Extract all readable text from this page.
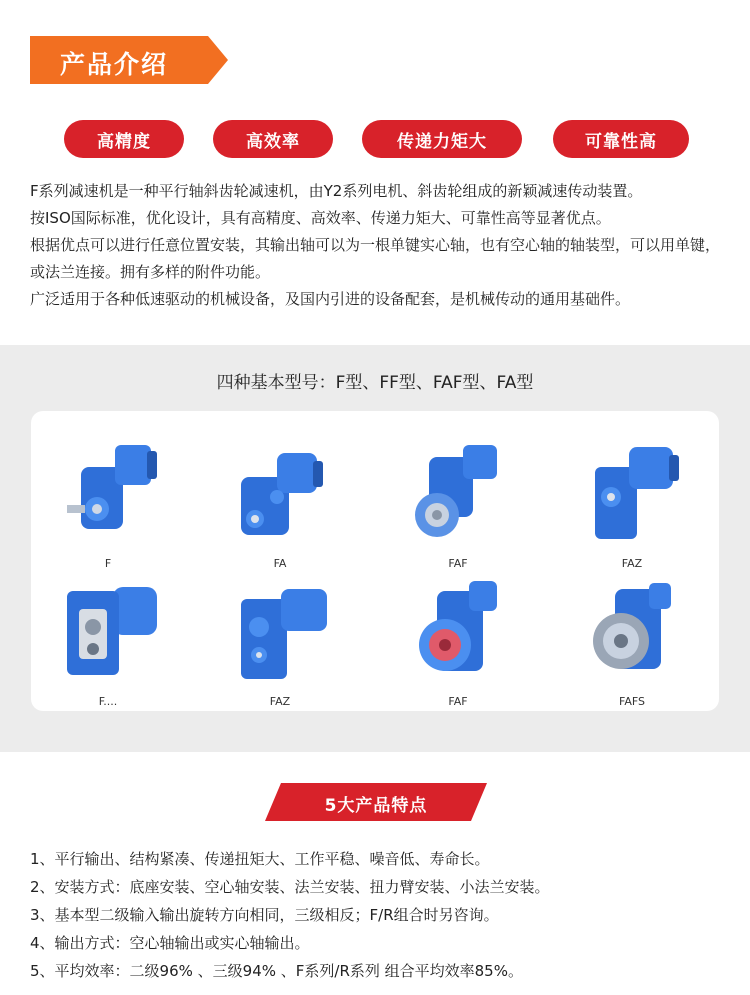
产品介绍
高精度	高效率	传递力矩大	可靠性高

F系列减速机是一种平行轴斜齿轮减速机，由Y2系列电机、斜齿轮组成的新颖减速传动装置。

按ISO国际标准，优化设计，具有高精度、高效率、传递力矩大、可靠性高等显著优点。

根据优点可以进行任意位置安装，其输出轴可以为一根单键实心轴，也有空心轴的轴装型，可以用单键，或法兰连接。拥有多样的附件功能。

广泛适用于各种低速驱动的机械设备，及国内引进的设备配套，是机械传动的通用基础件。

四种基本型号：F型、FF型、FAF型、FA型
F	FA	FAF	FAZ
F....	FAZ	FAF	FAFS
5大产品特点

1、平行输出、结构紧凑、传递扭矩大、工作平稳、噪音低、寿命长。

2、安装方式：底座安装、空心轴安装、法兰安装、扭力臂安装、小法兰安装。

3、基本型二级输入输出旋转方向相同，三级相反；F/R组合时另咨询。

4、输出方式：空心轴输出或实心轴输出。

5、平均效率：二级96% 、三级94% 、F系列/R系列 组合平均效率85%。
